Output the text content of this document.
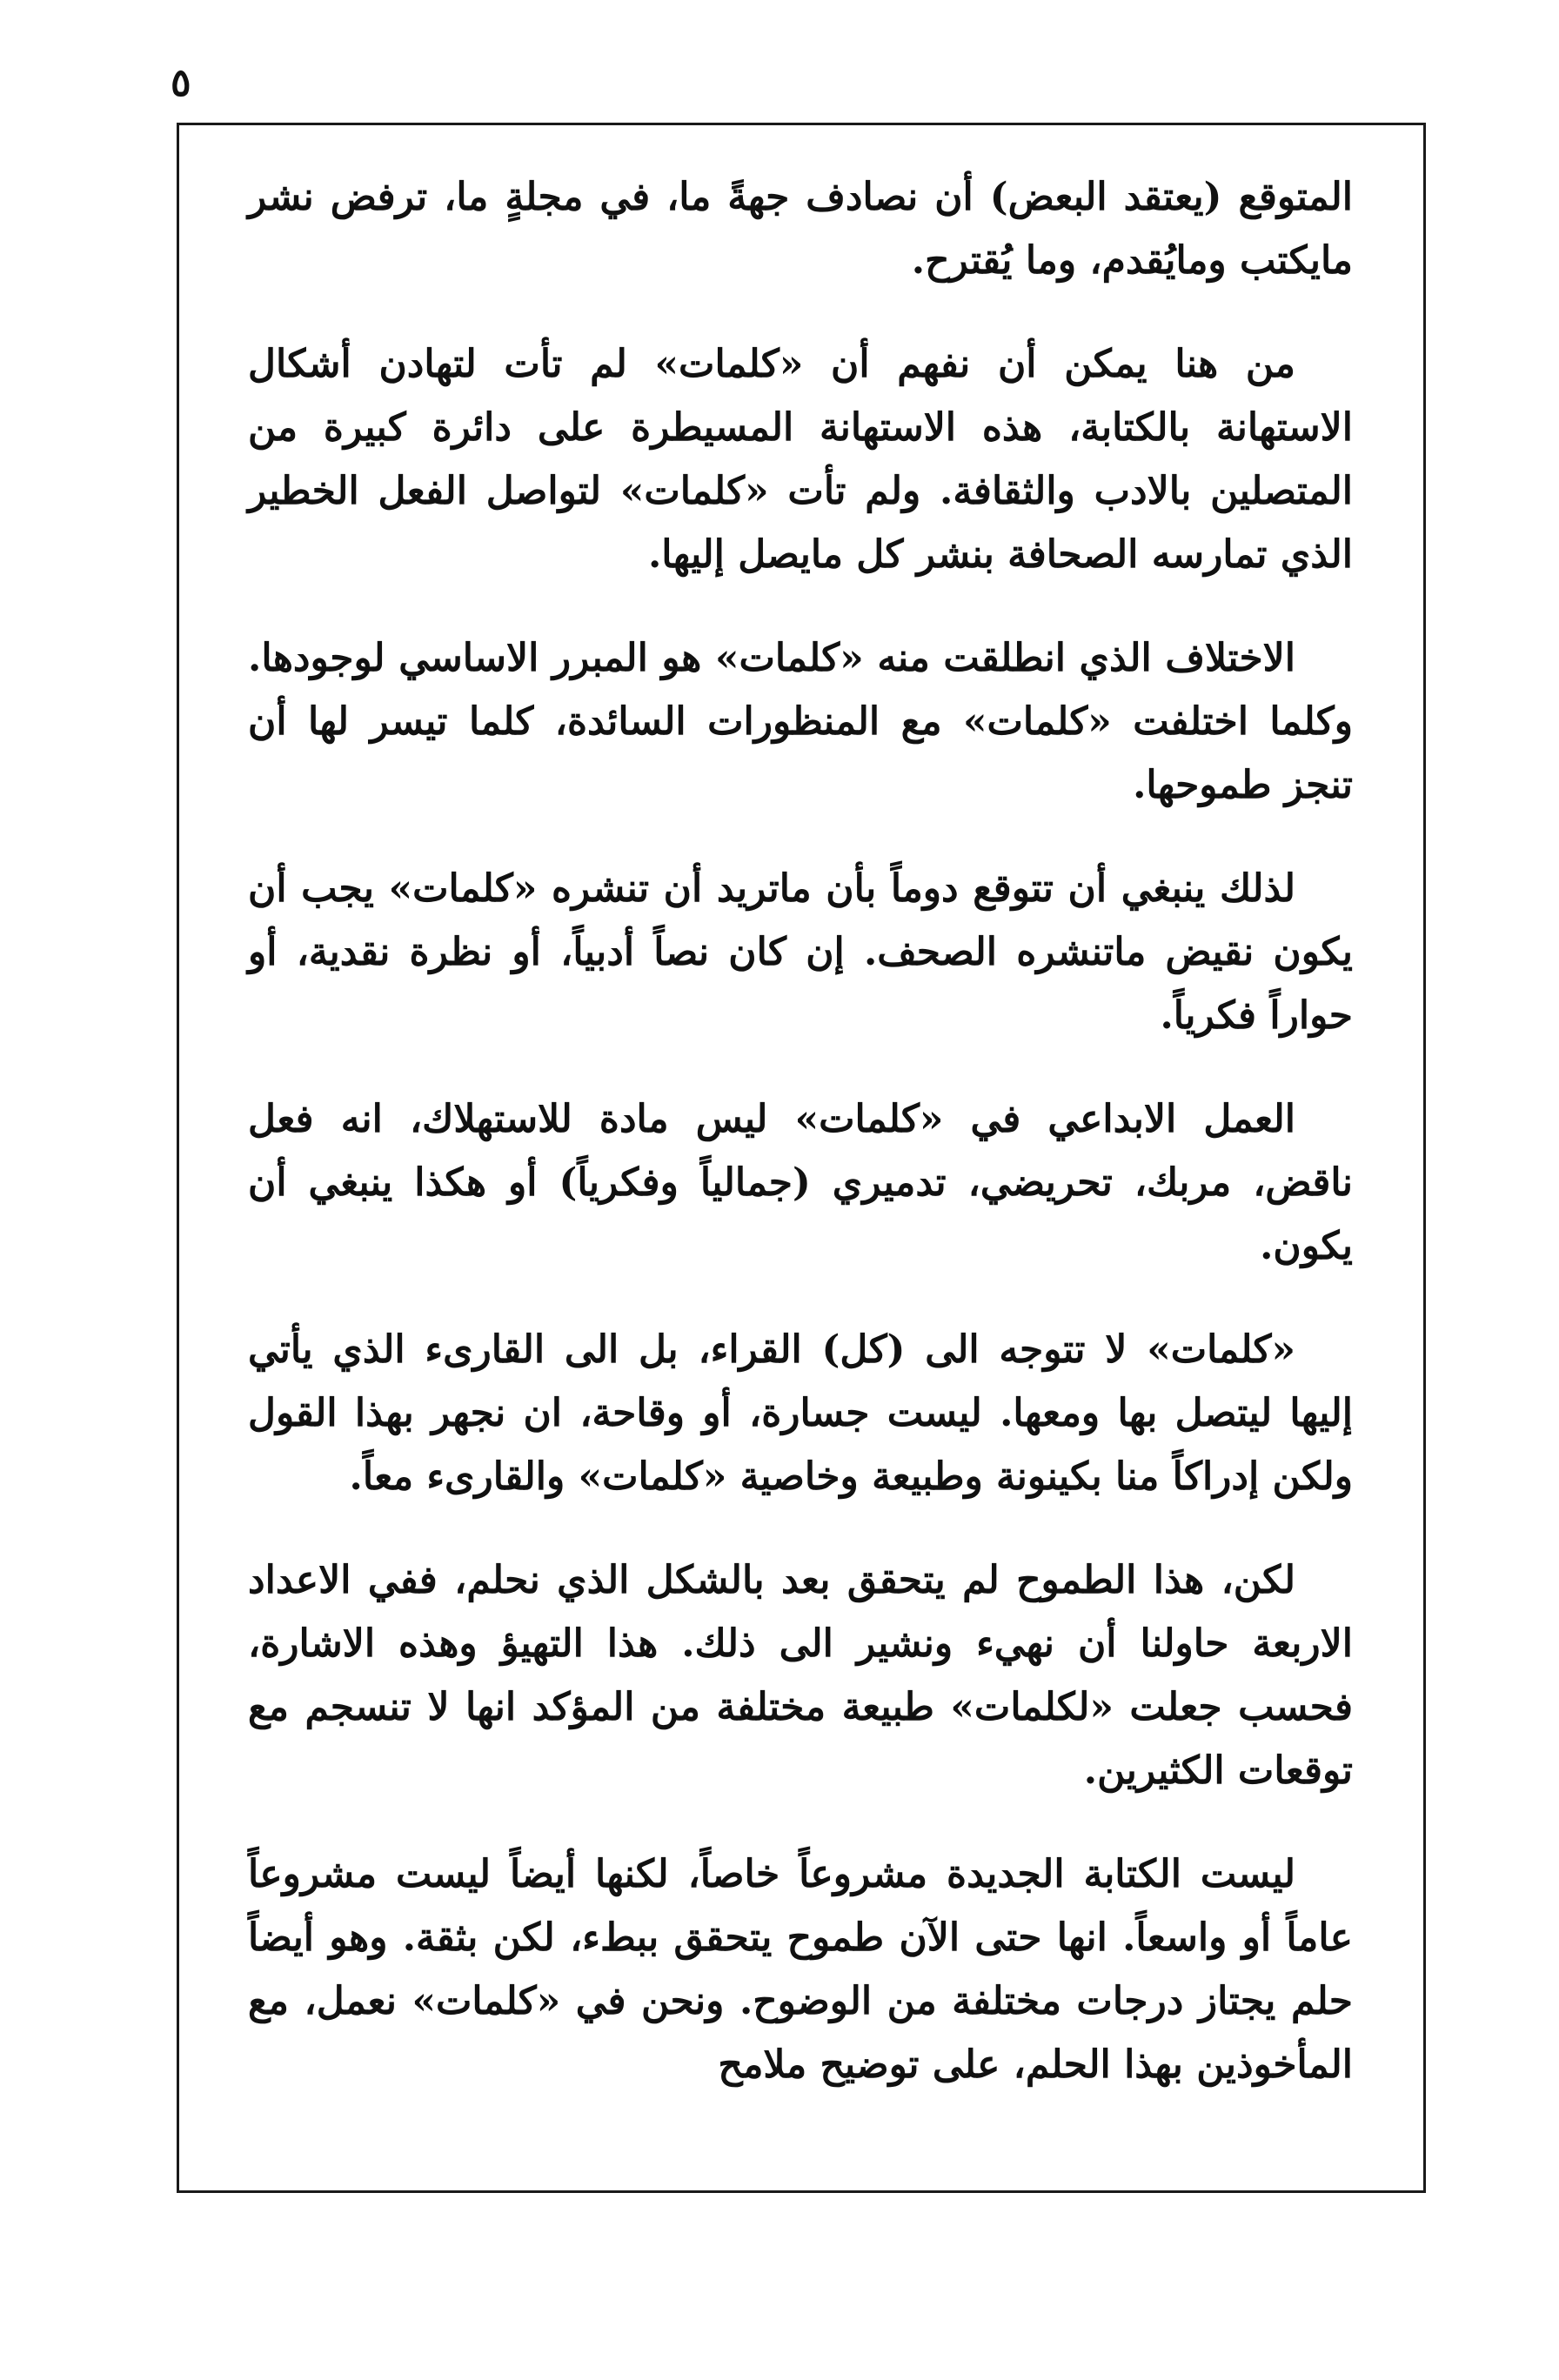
٥

المتوقع (يعتقد البعض) أن نصادف جهةً ما، في مجلةٍ ما، ترفض نشر مايكتب ومايُقدم، وما يُقترح.

من هنا يمكن أن نفهم أن «كلمات» لم تأت لتهادن أشكال الاستهانة بالكتابة، هذه الاستهانة المسيطرة على دائرة كبيرة من المتصلين بالادب والثقافة. ولم تأت «كلمات» لتواصل الفعل الخطير الذي تمارسه الصحافة بنشر كل مايصل إليها.

الاختلاف الذي انطلقت منه «كلمات» هو المبرر الاساسي لوجودها. وكلما اختلفت «كلمات» مع المنظورات السائدة، كلما تيسر لها أن تنجز طموحها.

لذلك ينبغي أن تتوقع دوماً بأن ماتريد أن تنشره «كلمات» يجب أن يكون نقيض ماتنشره الصحف. إن كان نصاً أدبياً، أو نظرة نقدية، أو حواراً فكرياً.

العمل الابداعي في «كلمات» ليس مادة للاستهلاك، انه فعل ناقض، مربك، تحريضي، تدميري (جمالياً وفكرياً) أو هكذا ينبغي أن يكون.

«كلمات» لا تتوجه الى (كل) القراء، بل الى القارىء الذي يأتي إليها ليتصل بها ومعها. ليست جسارة، أو وقاحة، ان نجهر بهذا القول ولكن إدراكاً منا بكينونة وطبيعة وخاصية «كلمات» والقارىء معاً.

لكن، هذا الطموح لم يتحقق بعد بالشكل الذي نحلم، ففي الاعداد الاربعة حاولنا أن نهيء ونشير الى ذلك. هذا التهيؤ وهذه الاشارة، فحسب جعلت «لكلمات» طبيعة مختلفة من المؤكد انها لا تنسجم مع توقعات الكثيرين.

ليست الكتابة الجديدة مشروعاً خاصاً، لكنها أيضاً ليست مشروعاً عاماً أو واسعاً. انها حتى الآن طموح يتحقق ببطء، لكن بثقة. وهو أيضاً حلم يجتاز درجات مختلفة من الوضوح. ونحن في «كلمات» نعمل، مع المأخوذين بهذا الحلم، على توضيح ملامح
